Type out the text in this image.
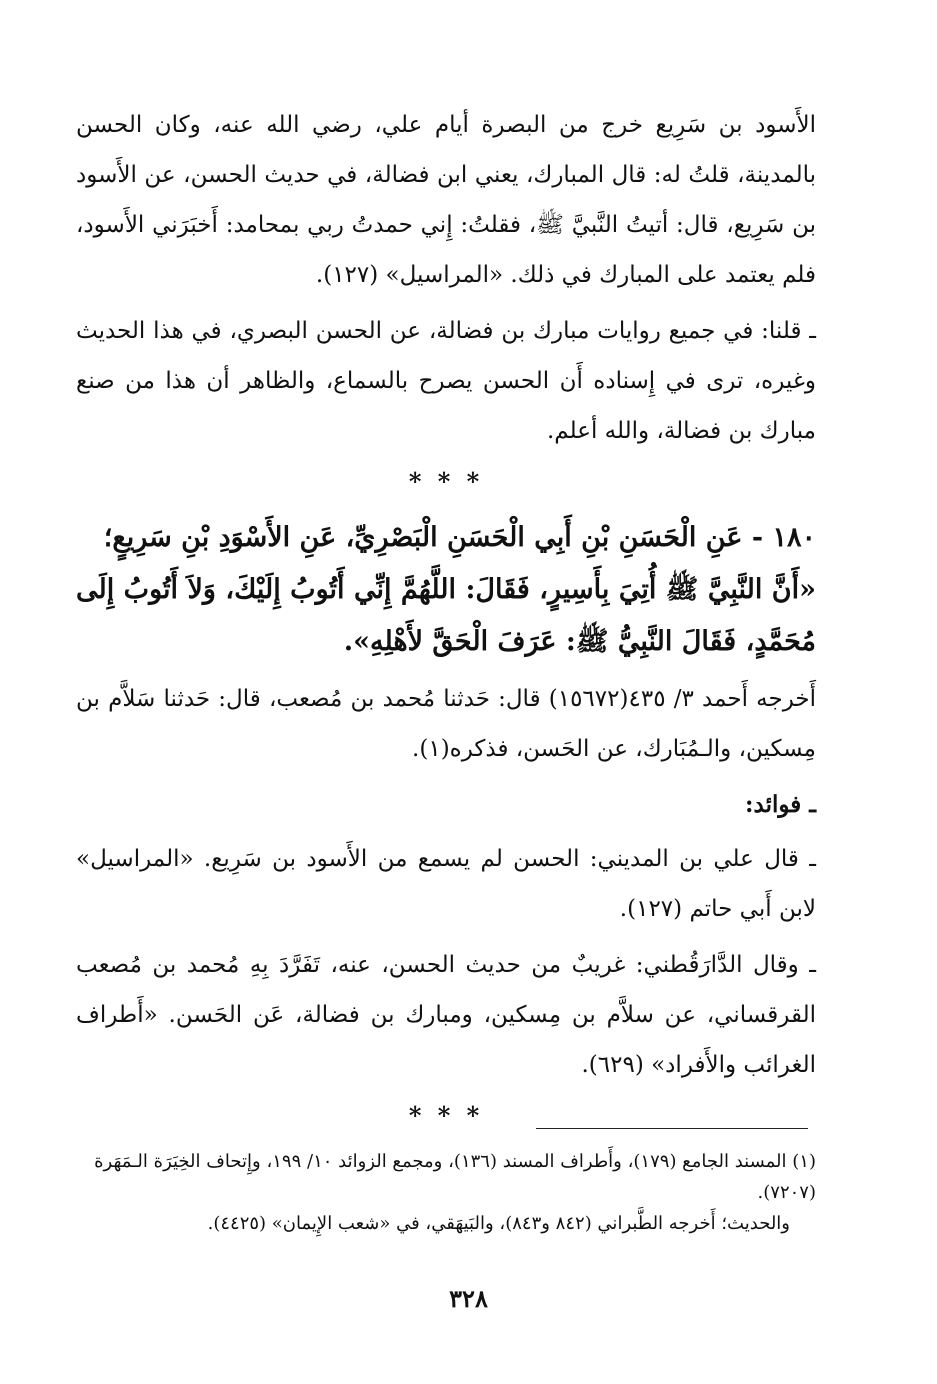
الأَسود بن سَرِيع خرج من البصرة أيام علي، رضي الله عنه، وكان الحسن بالمدينة، قلتُ له: قال المبارك، يعني ابن فضالة، في حديث الحسن، عن الأَسود بن سَرِيع، قال: أتيتُ النَّبيَّ ﷺ، فقلتُ: إِني حمدتُ ربي بمحامد: أَخبَرَني الأَسود، فلم يعتمد على المبارك في ذلك. «المراسيل» (١٢٧).

ـ قلنا: في جميع روايات مبارك بن فضالة، عن الحسن البصري، في هذا الحديث وغيره، ترى في إِسناده أَن الحسن يصرح بالسماع، والظاهر أن هذا من صنع مبارك بن فضالة، والله أعلم.

* * *

١٨٠ - عَنِ الْحَسَنِ بْنِ أَبِي الْحَسَنِ الْبَصْرِيِّ، عَنِ الأَسْوَدِ بْنِ سَرِيعٍ؛

«أَنَّ النَّبِيَّ ﷺ أُتِيَ بِأَسِيرٍ، فَقَالَ: اللَّهُمَّ إِنِّي أَتُوبُ إِلَيْكَ، وَلاَ أَتُوبُ إِلَى مُحَمَّدٍ، فَقَالَ النَّبِيُّ ﷺ: عَرَفَ الْحَقَّ لأَهْلِهِ».

أَخرجه أَحمد ٣/ ٤٣٥(١٥٦٧٢) قال: حَدثنا مُحمد بن مُصعب، قال: حَدثنا سَلاَّم بن مِسكين، والـمُبَارك، عن الحَسن، فذكره(١).

ـ فوائد:

ـ قال علي بن المديني: الحسن لم يسمع من الأَسود بن سَرِيع. «المراسيل» لابن أَبي حاتم (١٢٧).

ـ وقال الدَّارَقُطني: غريبٌ من حديث الحسن، عنه، تَفَرَّدَ بِهِ مُحمد بن مُصعب القرقساني، عن سلاَّم بن مِسكين، ومبارك بن فضالة، عَن الحَسن. «أَطراف الغرائب والأَفراد» (٦٢٩).

* * *

(١) المسند الجامع (١٧٩)، وأَطراف المسند (١٣٦)، ومجمع الزوائد ١٠/ ١٩٩، وإِتحاف الخِيَرَة الـمَهَرة (٧٢٠٧).

والحديث؛ أَخرجه الطَّبراني (٨٤٢ و٨٤٣)، والبَيهَقي، في «شعب الإِيمان» (٤٤٢٥).

٣٢٨
